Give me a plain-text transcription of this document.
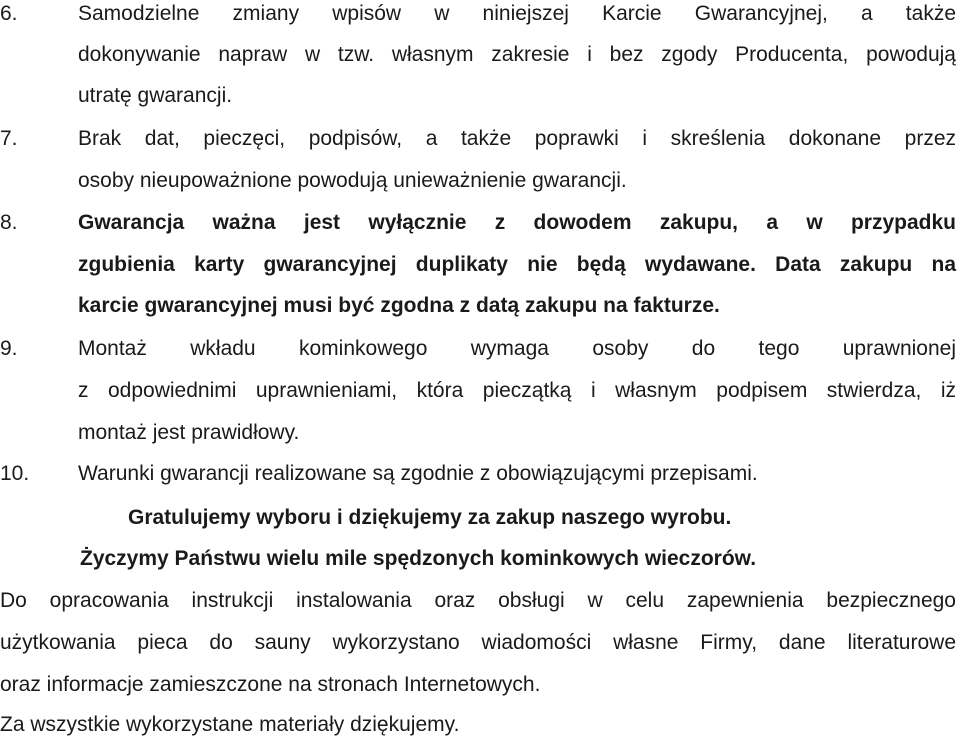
6.	Samodzielne zmiany wpisów w niniejszej Karcie Gwarancyjnej, a także
dokonywanie napraw w tzw. własnym zakresie i bez zgody Producenta, powodują
utratę gwarancji.
7.	Brak dat, pieczęci, podpisów, a także poprawki i skreślenia dokonane przez
osoby nieupoważnione powodują unieważnienie gwarancji.
8.	Gwarancja ważna jest wyłącznie z dowodem zakupu, a w przypadku
zgubienia karty gwarancyjnej duplikaty nie będą wydawane. Data zakupu na
karcie gwarancyjnej musi być zgodna z datą zakupu na fakturze.
9.	Montaż wkładu kominkowego wymaga osoby do tego uprawnionej
z odpowiednimi uprawnieniami, która pieczątką i własnym podpisem stwierdza, iż
montaż jest prawidłowy.
10. Warunki gwarancji realizowane są zgodnie z obowiązującymi przepisami.
Gratulujemy wyboru i dziękujemy za zakup naszego wyrobu.
Życzymy Państwu wielu mile spędzonych kominkowych wieczorów.
Do opracowania instrukcji instalowania oraz obsługi w celu zapewnienia bezpiecznego
użytkowania pieca do sauny wykorzystano wiadomości własne Firmy, dane literaturowe
oraz informacje zamieszczone na stronach Internetowych.
Za wszystkie wykorzystane materiały dziękujemy.
